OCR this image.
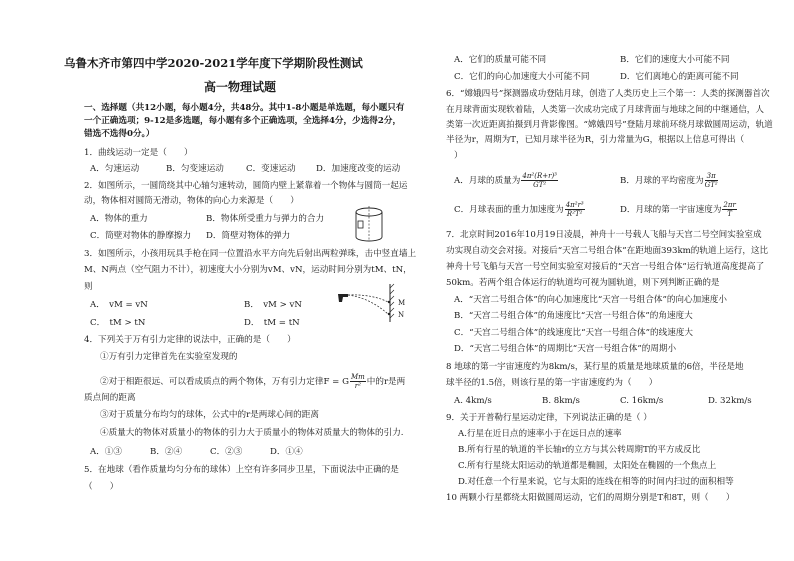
乌鲁木齐市第四中学2020-2021学年度下学期阶段性测试
高一物理试题
一、选择题（共12小题，每小题4分，共48分。其中1-8小题是单选题，每小题只有
一个正确选项；9-12是多选题，每小题有多个正确选项，全选择4分，少选得2分，
错选不选得0分。）
1．曲线运动一定是（　　）
A．匀速运动	B．匀变速运动	C．变速运动 D．加速度改变的运动
2．如图所示，一圆筒绕其中心轴匀速转动，圆筒内壁上紧靠着一个物体与圆筒一起运
动，物体相对圆筒无滑动，物体的向心力来源是（　　）
A．物体的重力	B．物体所受重力与弹力的合力
C．筒壁对物体的静摩擦力 D．筒壁对物体的弹力
3．如图所示，小孩用玩具手枪在同一位置沿水平方向先后射出两粒弹珠，击中竖直墙上
M、N两点（空气阻力不计），初速度大小分别为vM、vN，运动时间分别为tM、tN，
则
A．　vM = vN	B．　vM > vN
C．　tM > tN	D．　tM = tN
M
N
4．下列关于万有引力定律的说法中，正确的是（　　）
①万有引力定律首先在实验室发现的
②对于相距很远、可以看成质点的两个物体，万有引力定律F = G $\frac{Mm}{\text{r²}}$ 中的r是两
质点间的距离
③对于质量分布均匀的球体，公式中的r是两球心间的距离
④质量大的物体对质量小的物体的引力大于质量小的物体对质量大的物体的引力.
A．①③	B．②④	C．②③	D．①④
5．在地球（看作质量均匀分布的球体）上空有许多同步卫星，下面说法中正确的是
（　　）
A．它们的质量可能不同	B．它们的速度大小可能不同
C．它们的向心加速度大小可能不同	D．它们离地心的距离可能不同
6．“嫦娥四号”探测器成功登陆月球，创造了人类历史上三个第一：人类的探测器首次
在月球背面实现软着陆，人类第一次成功完成了月球背面与地球之间的中继通信，人
类第一次近距离拍摄到月背影像图。“嫦娥四号”登陆月球前环绕月球做圆周运动，轨道
半径为r，周期为T，已知月球半径为R，引力常量为G，根据以上信息可得出（
）
A．月球的质量为 $\frac{\text{4π²(R+r)³}}{\text{GT²}}$	B．月球的平均密度为 $\frac{3\pi}{\text{GT²}}$
C．月球表面的重力加速度为 $\frac{\text{4π²r³}}{\text{R²T²}}$	D．月球的第一宇宙速度为 $\frac{2\pi r}{T}$
7．北京时间2016年10月19日凌晨，神舟十一号载人飞船与天宫二号空间实验室成
功实现自动交会对接。对接后“天宫二号组合体”在距地面393km的轨道上运行，这比
神舟十号飞船与天宫一号空间实验室对接后的“天宫一号组合体”运行轨道高度提高了
50km。若两个组合体运行的轨道均可视为圆轨道，则下列判断正确的是
A．“天宫二号组合体”的向心加速度比“天宫一号组合体”的向心加速度小
B．“天宫二号组合体”的角速度比“天宫一号组合体”的角速度大
C．“天宫二号组合体”的线速度比“天宫一号组合体”的线速度大
D．“天宫二号组合体”的周期比“天宫一号组合体”的周期小
8 地球的第一宇宙速度约为8km/s，某行星的质量是地球质量的6倍，半径是地
球半径的1.5倍，则该行星的第一宇宙速度约为（　　）
A. 4km/s	B. 8km/s	C. 16km/s	D. 32km/s
9．关于开普勒行星运动定律，下列说法正确的是（ ）
A.行星在近日点的速率小于在远日点的速率
B.所有行星的轨道的半长轴r的立方与其公转周期T的平方成反比
C.所有行星绕太阳运动的轨道都是椭圆，太阳处在椭圆的一个焦点上
D.对任意一个行星来说，它与太阳的连线在相等的时间内扫过的面积相等
10 两颗小行星都绕太阳做圆周运动，它们的周期分别是T和8T，则（　　）
